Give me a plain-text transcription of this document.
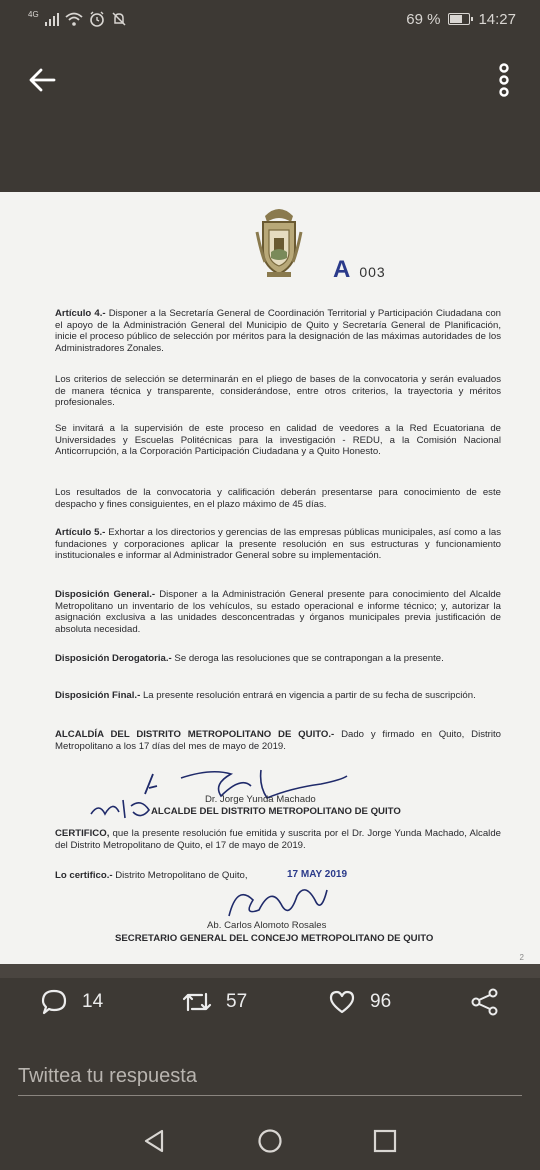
4G	69 %	14:27
A 003

Artículo 4.- Disponer a la Secretaría General de Coordinación Territorial y Participación Ciudadana con el apoyo de la Administración General del Municipio de Quito y Secretaría General de Planificación, inicie el proceso público de selección por méritos para la designación de las máximas autoridades de los Administradores Zonales.

Los criterios de selección se determinarán en el pliego de bases de la convocatoria y serán evaluados de manera técnica y transparente, considerándose, entre otros criterios, la trayectoria y méritos profesionales.

Se invitará a la supervisión de este proceso en calidad de veedores a la Red Ecuatoriana de Universidades y Escuelas Politécnicas para la investigación - REDU, a la Comisión Nacional Anticorrupción, a la Corporación Participación Ciudadana y a Quito Honesto.

Los resultados de la convocatoria y calificación deberán presentarse para conocimiento de este despacho y fines consiguientes, en el plazo máximo de 45 días.

Artículo 5.- Exhortar a los directorios y gerencias de las empresas públicas municipales, así como a las fundaciones y corporaciones aplicar la presente resolución en sus estructuras y funcionamiento institucionales e informar al Administrador General sobre su implementación.

Disposición General.- Disponer a la Administración General presente para conocimiento del Alcalde Metropolitano un inventario de los vehículos, su estado operacional e informe técnico; y, autorizar la asignación exclusiva a las unidades desconcentradas y órganos municipales previa justificación de absoluta necesidad.

Disposición Derogatoria.- Se deroga las resoluciones que se contrapongan a la presente.

Disposición Final.- La presente resolución entrará en vigencia a partir de su fecha de suscripción.

ALCALDÍA DEL DISTRITO METROPOLITANO DE QUITO.- Dado y firmado en Quito, Distrito Metropolitano a los 17 días del mes de mayo de 2019.

Dr. Jorge Yunda Machado
ALCALDE DEL DISTRITO METROPOLITANO DE QUITO

CERTIFICO, que la presente resolución fue emitida y suscrita por el Dr. Jorge Yunda Machado, Alcalde del Distrito Metropolitano de Quito, el 17 de mayo de 2019.

Lo certifico.- Distrito Metropolitano de Quito,	17 MAY 2019
Ab. Carlos Alomoto Rosales
SECRETARIO GENERAL DEL CONCEJO METROPOLITANO DE QUITO
2
14	57	96
Twittea tu respuesta
